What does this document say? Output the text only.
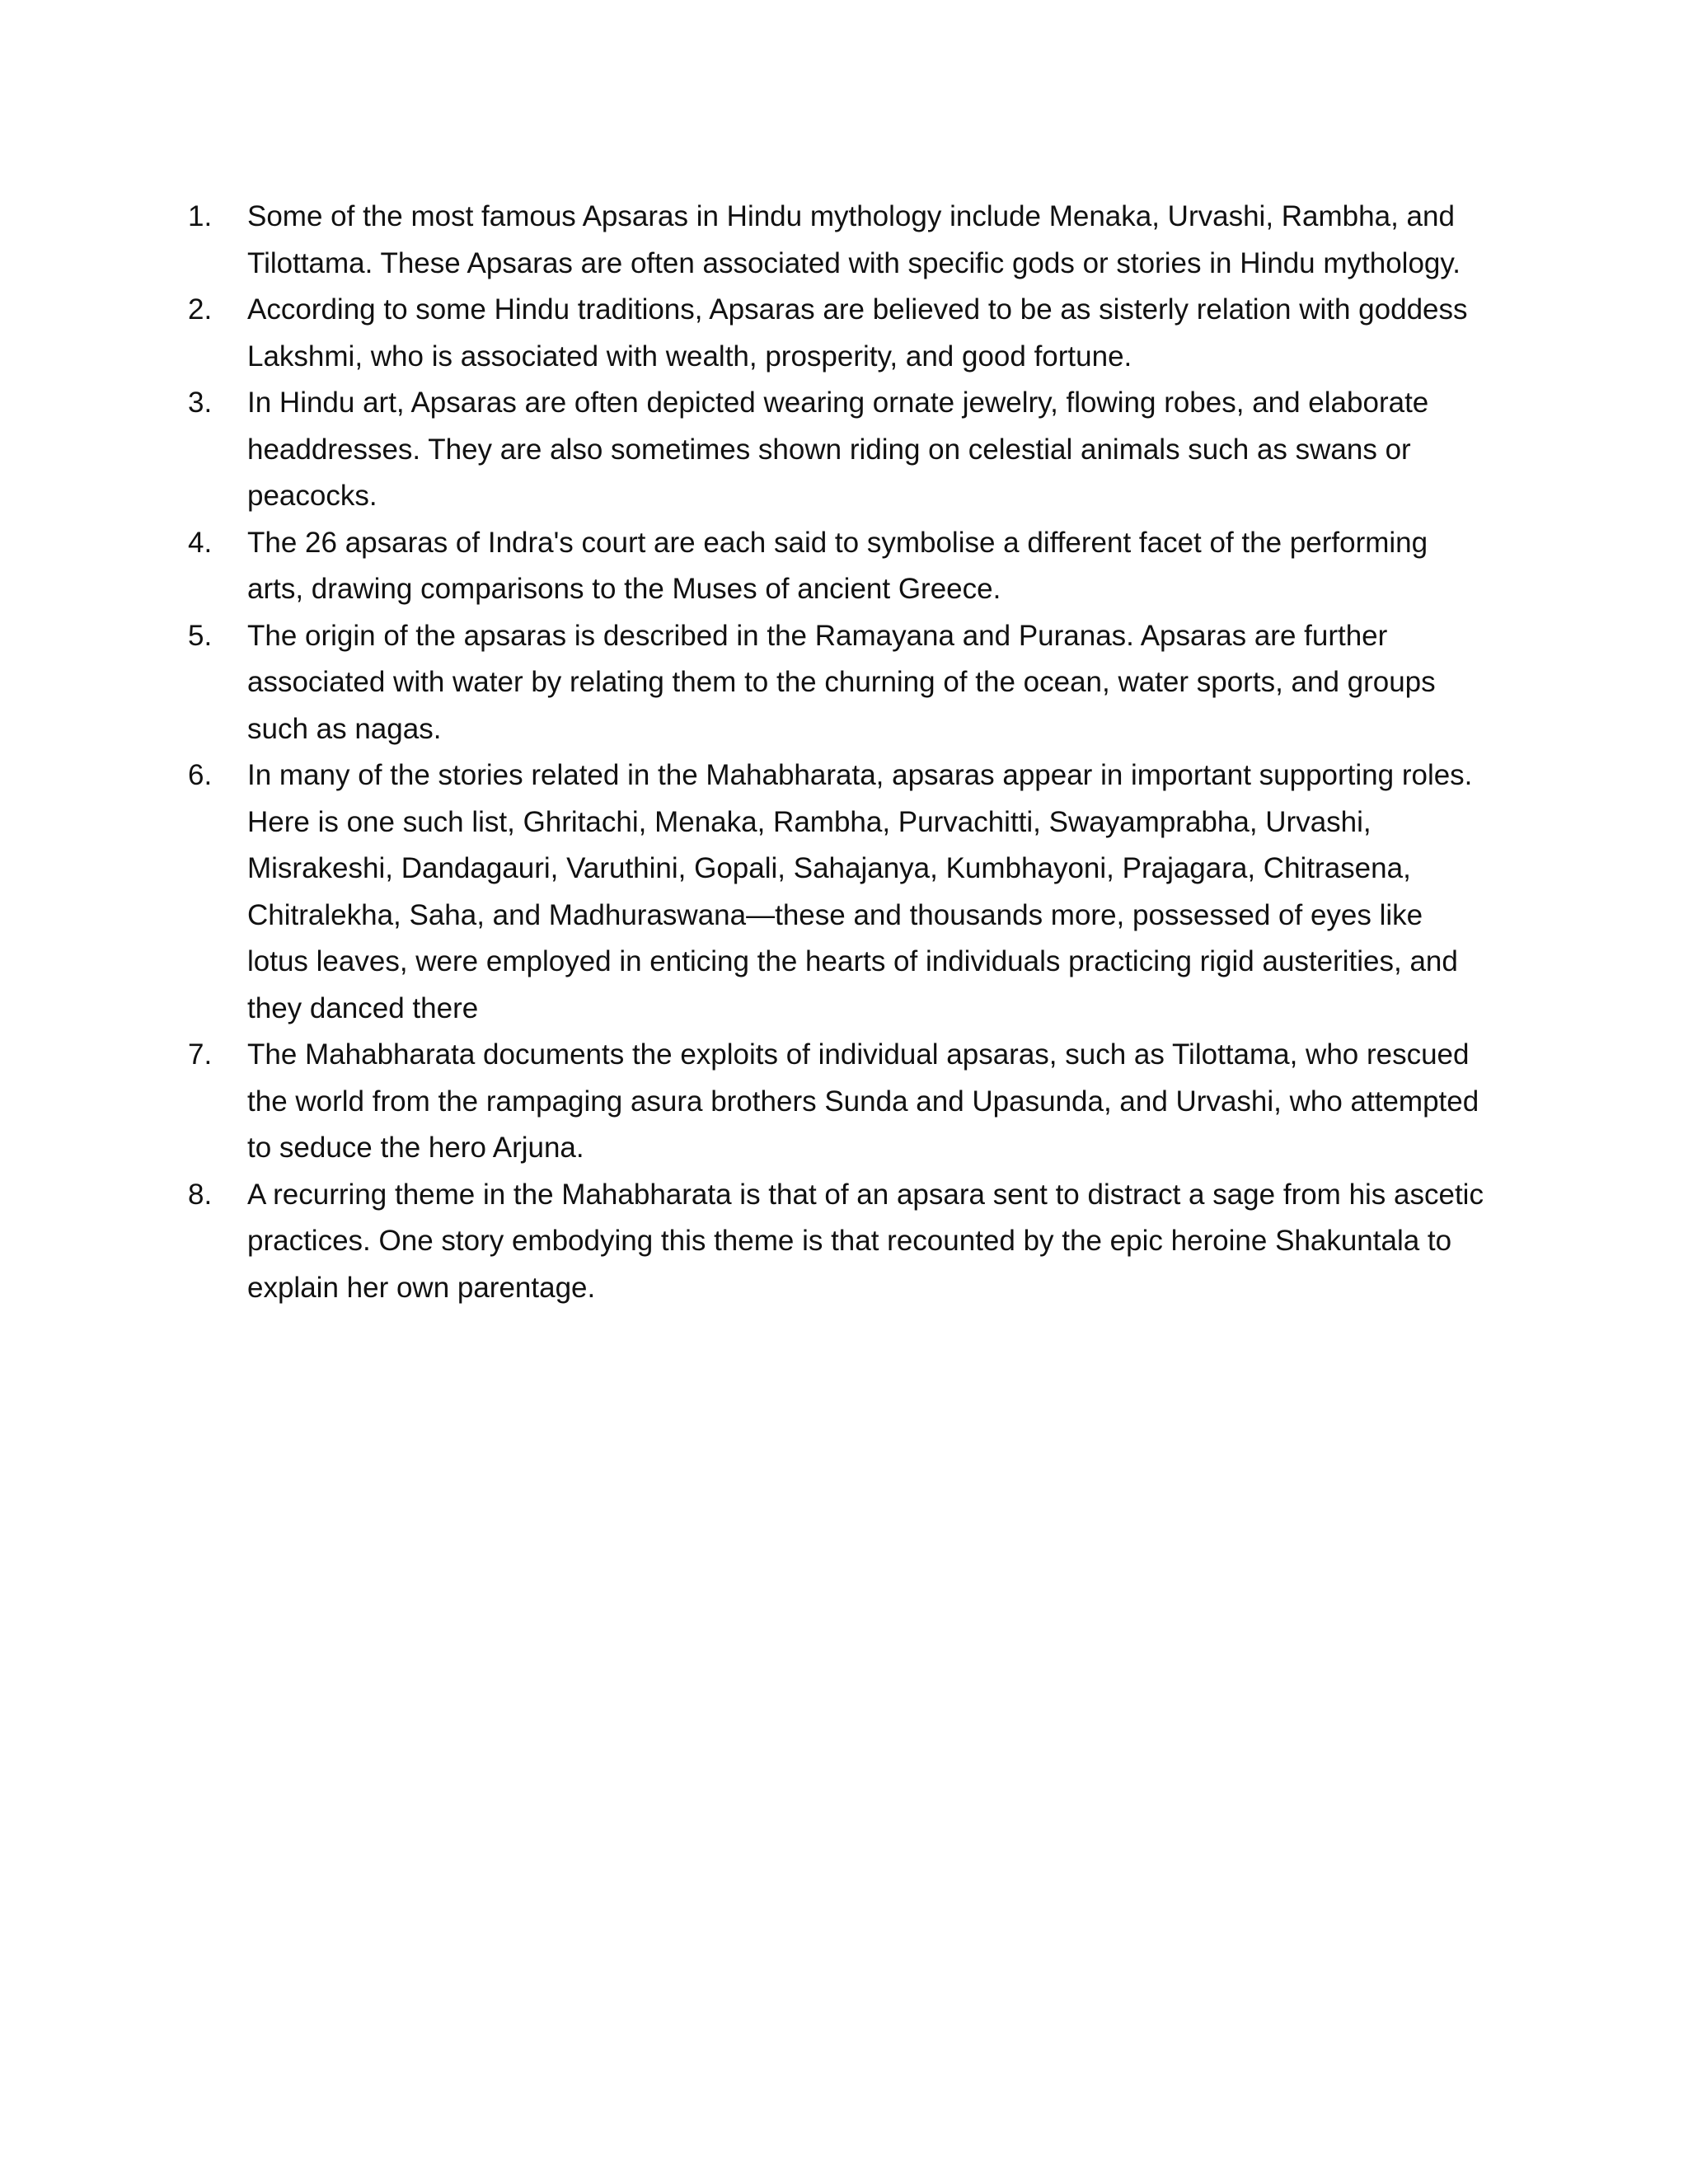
1.	Some of the most famous Apsaras in Hindu mythology include Menaka, Urvashi, Rambha, and Tilottama. These Apsaras are often associated with specific gods or stories in Hindu mythology.
2.	According to some Hindu traditions, Apsaras are believed to be as sisterly relation with goddess Lakshmi, who is associated with wealth, prosperity, and good fortune.
3.	In Hindu art, Apsaras are often depicted wearing ornate jewelry, flowing robes, and elaborate headdresses. They are also sometimes shown riding on celestial animals such as swans or peacocks.
4.	The 26 apsaras of Indra's court are each said to symbolise a different facet of the performing arts, drawing comparisons to the Muses of ancient Greece.
5.	The origin of the apsaras is described in the Ramayana and Puranas. Apsaras are further associated with water by relating them to the churning of the ocean, water sports, and groups such as nagas.
6.	In many of the stories related in the Mahabharata, apsaras appear in important supporting roles. Here is one such list, Ghritachi, Menaka, Rambha, Purvachitti, Swayamprabha, Urvashi, Misrakeshi, Dandagauri, Varuthini, Gopali, Sahajanya, Kumbhayoni, Prajagara, Chitrasena, Chitralekha, Saha, and Madhuraswana—these and thousands more, possessed of eyes like lotus leaves, were employed in enticing the hearts of individuals practicing rigid austerities, and they danced there
7.	The Mahabharata documents the exploits of individual apsaras, such as Tilottama, who rescued the world from the rampaging asura brothers Sunda and Upasunda, and Urvashi, who attempted to seduce the hero Arjuna.
8.	A recurring theme in the Mahabharata is that of an apsara sent to distract a sage from his ascetic practices. One story embodying this theme is that recounted by the epic heroine Shakuntala to explain her own parentage.
